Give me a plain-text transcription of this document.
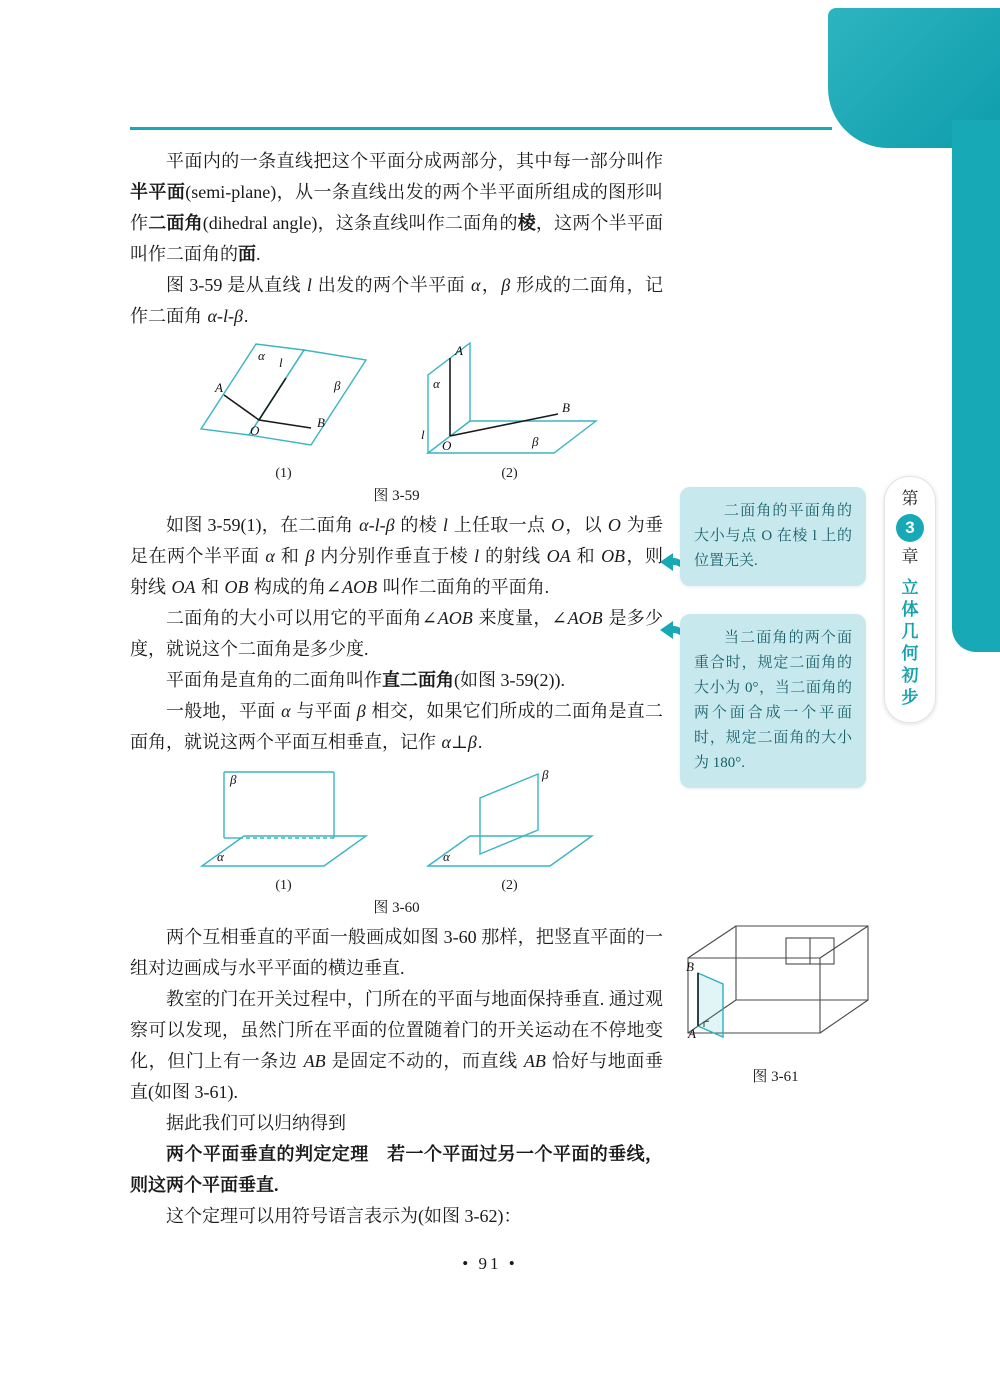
第
3
章
立
体
几
何
初
步

平面内的一条直线把这个平面分成两部分，其中每一部分叫作半平面(semi-plane)，从一条直线出发的两个半平面所组成的图形叫作二面角(dihedral angle)，这条直线叫作二面角的棱，这两个半平面叫作二面角的面.

图 3-59 是从直线 l 出发的两个半平面 α，β 形成的二面角，记作二面角 α-l-β.

α l
β
A
O
B
(1)
A
α
l
O
B
β
(2)
图 3-59

如图 3-59(1)，在二面角 α-l-β 的棱 l 上任取一点 O，以 O 为垂足在两个半平面 α 和 β 内分别作垂直于棱 l 的射线 OA 和 OB，则射线 OA 和 OB 构成的角∠AOB 叫作二面角的平面角.

二面角的大小可以用它的平面角∠AOB 来度量，∠AOB 是多少度，就说这个二面角是多少度.

平面角是直角的二面角叫作直二面角(如图 3-59(2)).

一般地，平面 α 与平面 β 相交，如果它们所成的二面角是直二面角，就说这两个平面互相垂直，记作 α⊥β.

β
α
(1)
β
α
(2)
图 3-60

两个互相垂直的平面一般画成如图 3-60 那样，把竖直平面的一组对边画成与水平平面的横边垂直.

教室的门在开关过程中，门所在的平面与地面保持垂直. 通过观察可以发现，虽然门所在平面的位置随着门的开关运动在不停地变化，但门上有一条边 AB 是固定不动的，而直线 AB 恰好与地面垂直(如图 3-61).

据此我们可以归纳得到

两个平面垂直的判定定理　 若一个平面过另一个平面的垂线，则这两个平面垂直.

这个定理可以用符号语言表示为(如图 3-62)：

• 91 •
二面角的平面角的大小与点 O 在棱 l 上的位置无关.
当二面角的两个面重合时，规定二面角的大小为 0°，当二面角的两个面合成一个平面时，规定二面角的大小为 180°.
B
A
图 3-61
